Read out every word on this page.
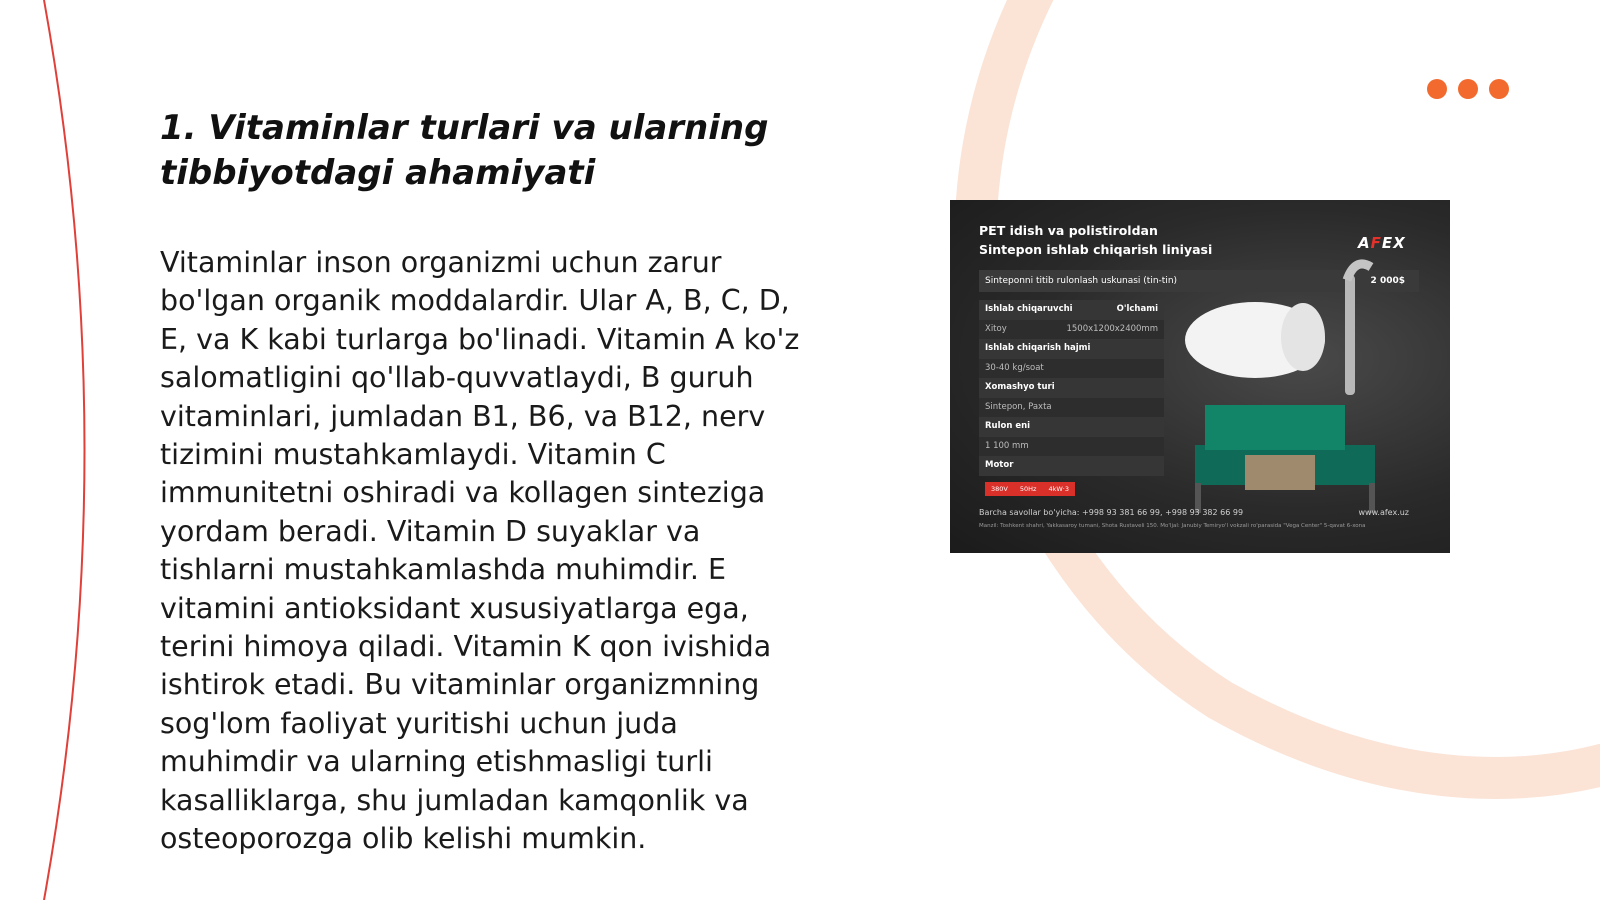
1. Vitaminlar turlari va ularning
tibbiyotdagi ahamiyati

Vitaminlar inson organizmi uchun zarur
bo'lgan organik moddalardir. Ular A, B, C, D,
E, va K kabi turlarga bo'linadi. Vitamin A ko'z
salomatligini qo'llab-quvvatlaydi, B guruh
vitaminlari, jumladan B1, B6, va B12, nerv
tizimini mustahkamlaydi. Vitamin C
immunitetni oshiradi va kollagen sinteziga
yordam beradi. Vitamin D suyaklar va
tishlarni mustahkamlashda muhimdir. E
vitamini antioksidant xususiyatlarga ega,
terini himoya qiladi. Vitamin K qon ivishida
ishtirok etadi. Bu vitaminlar organizmning
sog'lom faoliyat yuritishi uchun juda
muhimdir va ularning etishmasligi turli
kasalliklarga, shu jumladan kamqonlik va
osteoporozga olib kelishi mumkin.

PET idish va polistiroldan
Sintepon ishlab chiqarish liniyasi	AFEX
Sinteponni titib rulonlash uskunasi (tin-tin)	2 000$
Ishlab chiqaruvchi	O'lchami
Xitoy	1500x1200x2400mm
Ishlab chiqarish hajmi
30-40 kg/soat
Xomashyo turi
Sintepon, Paxta
Rulon eni
1 100 mm
Motor
380V	50Hz	4kW·3
Barcha savollar bo'yicha: +998 93 381 66 99, +998 93 382 66 99	www.afex.uz
Manzil: Toshkent shahri, Yakkasaroy tumani, Shota Rustaveli 150. Mo'ljal: Janubiy Temiryo'l vokzali ro'parasida "Vega Center" 5-qavat 6-xona
